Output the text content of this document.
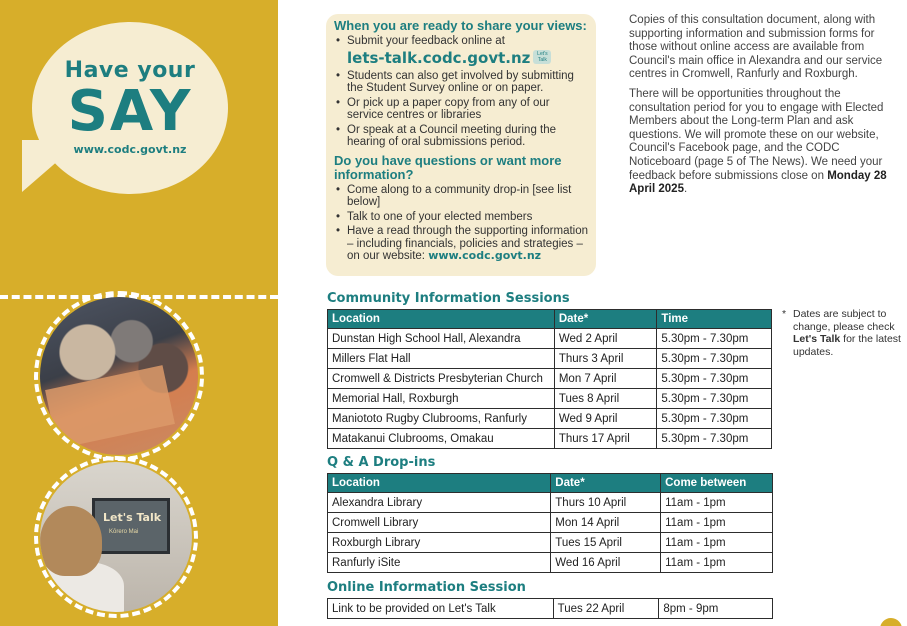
Have your
SAY
www.codc.govt.nz
Let's Talk
Kōrero Mai
When you are ready to share your views:
• Submit your feedback online at
lets-talk.codc.govt.nz Let's Talk
• Students can also get involved by submitting the Student Survey online or on paper.
• Or pick up a paper copy from any of our service centres or libraries
• Or speak at a Council meeting during the hearing of oral submissions period.
Do you have questions or want more information?
• Come along to a community drop-in [see list below]
• Talk to one of your elected members
• Have a read through the supporting information – including financials, policies and strategies – on our website: www.codc.govt.nz

Copies of this consultation document, along with supporting information and submission forms for those without online access are available from Council's main office in Alexandra and our service centres in Cromwell, Ranfurly and Roxburgh.

There will be opportunities throughout the consultation period for you to engage with Elected Members about the Long-term Plan and ask questions. We will promote these on our website, Council's Facebook page, and the CODC Noticeboard (page 5 of The News). We need your feedback before submissions close on Monday 28 April 2025.

Community Information Sessions
Location	Date*	Time
Dunstan High School Hall, Alexandra	Wed 2 April	5.30pm - 7.30pm
Millers Flat Hall	Thurs 3 April	5.30pm - 7.30pm
Cromwell & Districts Presbyterian Church	Mon 7 April	5.30pm - 7.30pm
Memorial Hall, Roxburgh	Tues 8 April	5.30pm - 7.30pm
Maniototo Rugby Clubrooms, Ranfurly	Wed 9 April	5.30pm - 7.30pm
Matakanui Clubrooms, Omakau	Thurs 17 April	5.30pm - 7.30pm
* Dates are subject to change, please check Let's Talk for the latest updates.
Q & A Drop-ins
Location	Date*	Come between
Alexandra Library	Thurs 10 April	11am - 1pm
Cromwell Library	Mon 14 April	11am - 1pm
Roxburgh Library	Tues 15 April	11am - 1pm
Ranfurly iSite	Wed 16 April	11am - 1pm
Online Information Session
Link to be provided on Let's Talk	Tues 22 April	8pm - 9pm
